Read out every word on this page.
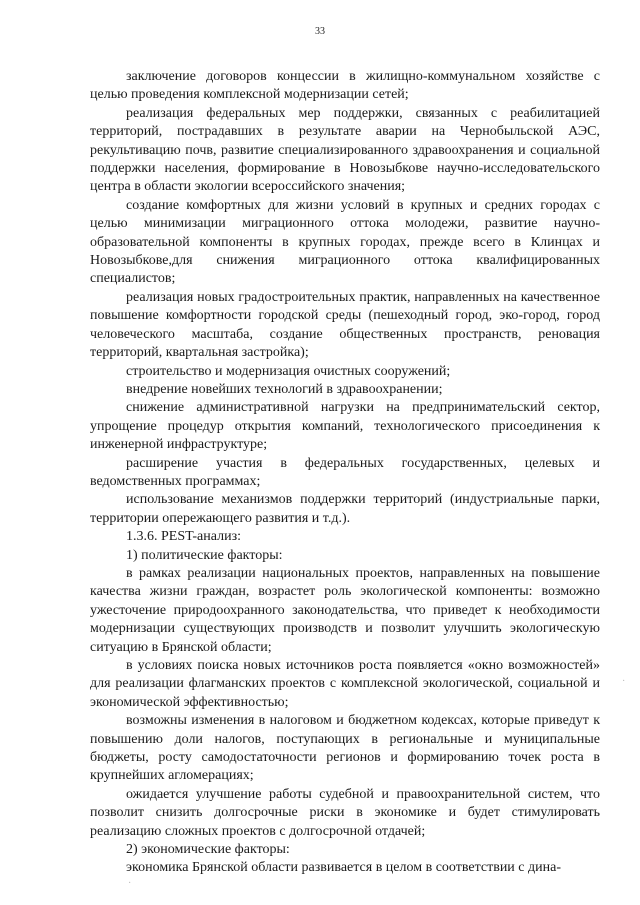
33

заключение договоров концессии в жилищно-коммунальном хозяйстве с целью проведения комплексной модернизации сетей;

реализация федеральных мер поддержки, связанных с реабилитацией территорий, пострадавших в результате аварии на Чернобыльской АЭС, рекультивацию почв, развитие специализированного здравоохранения и социальной поддержки населения, формирование в Новозыбкове научно-исследовательского центра в области экологии всероссийского значения;

создание комфортных для жизни условий в крупных и средних городах с целью минимизации миграционного оттока молодежи, развитие научно-образовательной компоненты в крупных городах, прежде всего в Клинцах и Новозыбкове,для снижения миграционного оттока квалифицированных специалистов;

реализация новых градостроительных практик, направленных на качественное повышение комфортности городской среды (пешеходный город, эко-город, город человеческого масштаба, создание общественных пространств, реновация территорий, квартальная застройка);

строительство и модернизация очистных сооружений;

внедрение новейших технологий в здравоохранении;

снижение административной нагрузки на предпринимательский сектор, упрощение процедур открытия компаний, технологического присоединения к инженерной инфраструктуре;

расширение участия в федеральных государственных, целевых и ведомственных программах;

использование механизмов поддержки территорий (индустриальные парки, территории опережающего развития и т.д.).

1.3.6. PEST-анализ:

1) политические факторы:

в рамках реализации национальных проектов, направленных на повышение качества жизни граждан, возрастет роль экологической компоненты: возможно ужесточение природоохранного законодательства, что приведет к необходимости модернизации существующих производств и позволит улучшить экологическую ситуацию в Брянской области;

в условиях поиска новых источников роста появляется «окно возможностей» для реализации флагманских проектов с комплексной экологической, социальной и экономической эффективностью;

возможны изменения в налоговом и бюджетном кодексах, которые приведут к повышению доли налогов, поступающих в региональные и муниципальные бюджеты, росту самодостаточности регионов и формированию точек роста в крупнейших агломерациях;

ожидается улучшение работы судебной и правоохранительной систем, что позволит снизить долгосрочные риски в экономике и будет стимулировать реализацию сложных проектов с долгосрочной отдачей;

2) экономические факторы:

экономика Брянской области развивается в целом в соответствии с дина-

·
·
